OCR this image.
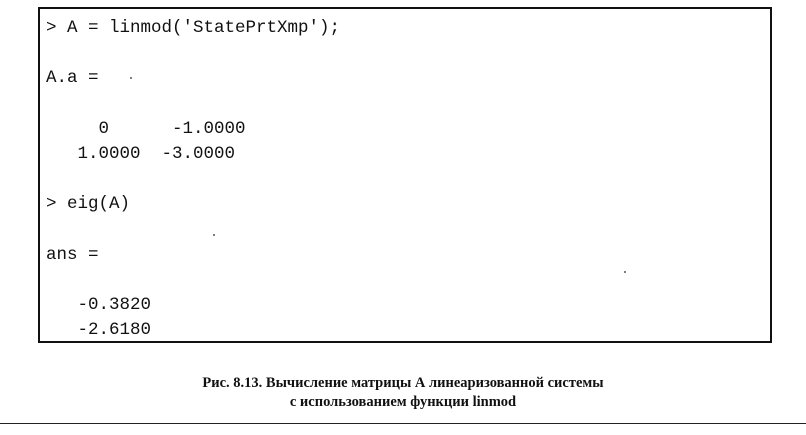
> A = linmod('StatePrtXmp');
A.a =
0      -1.0000
1.0000  -3.0000
> eig(A)
ans =
-0.3820
-2.6180
Рис. 8.13. Вычисление матрицы А линеаризованной системы
с использованием функции linmod
